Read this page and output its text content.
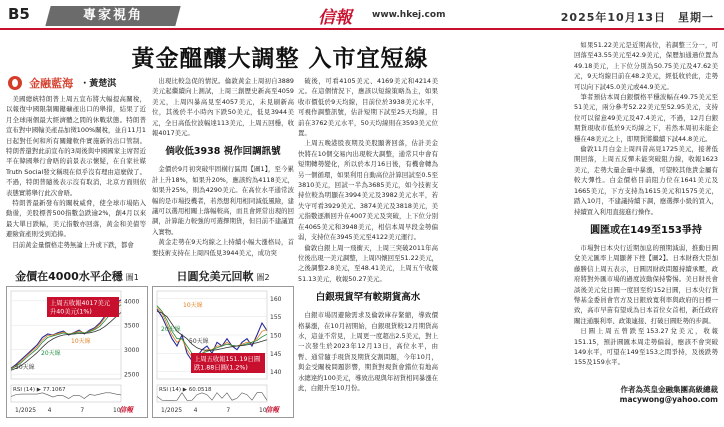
B5	專家視角	信報 www.hkej.com	2025年10月13日　星期一
黃金醞釀大調整 入市宜短線
金融藍海 ・黃楚淇

美國總統特朗普上周五宣布將大幅提高關稅，以報復中國限制關鍵礦產出口的舉措，結果了近月全球兩個最大經濟體之間的休戰狀態。特朗普宣布對中國輸美產品加徵100%關稅，並自11月1日起對任何和所有關鍵軟件實施新的出口管制。特朗普還對此前宣布的3周後與中國國家主席習近平在韓國舉行會晤的前景表示懷疑，在自家社媒Truth Social發文稱現在似乎沒有理由這麼做了。不過，特朗普隨後表示沒有取消，北京方面則依表態實將舉行此次會晤。

特朗普最新發布的關稅威脅，使全球市場陷入動盪，美股標普500指數急跌逾2%，創4月以來最大單日跌幅，美元指數亦回落，黃金和美債等避險資產則受到追捧。

目前黃金量價格走勢無論上升或下跌，都會

出現比較急促的情況。倫敦黃金上周初自3889美元起繼續向上測試，上周三創歷史新高至4059美元，上周四暴高見至4057美元，未見刷新高位，其後於半小時內下跌50美元，低見3944美元，全日高低位波幅達113美元，上周五回穩，收報4017美元。

倘收低3938 視作回調訊號

金價於9月初突破牢固橫行區間【圖1】，至今累計上升18%，如果升20%，應該約為4118美元，如果升25%，則為4290美元。在高位水平通常波幅的是市場投機者，若然想利用相同減低風險，建議可以選用相關上落幅較高，而且會經常出現的回調，計算能力較強的可選擇期貨，但目前不建議買入實物。

黃金走勢在9天均線之上持續小幅大漲格局，首要技術支持在上周四低見3944美元，成功突

破後，可看4105美元、4169美元和4214美元。在這個情況下，應該以短線策略為主，如果收市價低於9天均線，目前位於3938美元水平，可視作調整訊號，估計短期下試至25天均線，目前在3762美元水平，50天均線則在3593美元位置。

上周五晚港股夜期及美股顯著回落，估計美金快將在10個交易內出現較大調整，通常只中會有短期轉勢變化，所以於本月16日後，有機會轉為另一個循環，如果利用自動高位計算回試至0.5至3810美元，回試一半為3685美元，如今技術支持位較為明顯在3994美元及3982美元水平，若失守可看3929美元、3874美元及3818美元，美元指數逐漸回升在4007美元及突破，上下位分別在4065美元和3948美元，相信本周早段金勢偏弱，支持位在3945美元至4122美元運行。

倫敦白銀上周一飛衝天，上周三突破2011年高位後出現一美元調整，上周四懷回至51.22美元，之後調整2.8美元，至48.41美元，上周五午收報51.13美元，收報50.27美元。

白銀現貨罕有較期貨高水

白銀市場因避險需求及倫敦庫存緊縮，導致價格暴漲，在10月初開始，白銀現貨較12月期貨高水，這並不常見，上周更一度超出2.5美元，對上一次發生於2023年12月13日，高位水平，由暫、通常隨手現貨及期貨交割問題，今年10月，與金受關稅問題影響，期貨對現貨會錯位有地高水總達約100美元，導致出現與年初貨相同暴漲在此，白銀升至10月份。

如果51.22美元是近期高位，若調整三分一，可回落至43.55美元至42.9美元，保歷加通過位置為49.18美元，上下位分別為50.75美元及47.62美元，9天均線目前在48.2美元，經低收於此，走勢可以向下試45.0美元或44.9美元。

筆者預估本周白銀價格平穩波幅在49.75美元至51美元，兩分參考52.22美元至52.95美元，支持位可以留意49美元及47.4美元，不過，12月白銀期貨現收市低於9天均線之下，若然本周初未能企穩在48美元之上，即期貨將繼續下試44.8美元。

倫敦11月白金上周四昔高見1725美元，接著低開回落，上周五反彈未能突破阻力線，收報1623美元，走勢大量企量中暴漲，可望較其他貴金屬有較大彈性。白金價格目前阻力位在1641美元及1665美元，下方支持為1615美元和1575美元，踏入10月，不建議持續下調，應選擇小級的買入，持續買入利用直接進行操作。

圓匯或在149至153爭持

市場對日本央行近期加息的預期減弱，推動日圓兌美元匯率上周顯著下挫【圖2】。日本財務大臣加藤勝信上周五表示，日圓因財政問題持續承壓，政府將對外匯市場的過度波動保持警惕。美日財長會談後美元兌日圓一度回至約152日圓，日本央行貨幣基金委員會官方及日銀放寬利率與政府的日標一致，高市早苗有望成為日本首位女首相，新任政府關注通脹利率、政策連接、打破日圓貶勢的步調。

日圓上周五曾跌至153.27兌美元，收報151.15，預計圓匯本周走勢偏弱，應該不會突破149水平，可望在149至153之間爭持，及後跌勢155及159水平。

作者為英皇金融集團高級總裁
macywong@yahoo.com
金價在4000水平企穩 圖1
4000
3500
3000
2500
10天線
20天線
50天線
上周五收報4017美元
升40美元(1%)
RSI (14) ▶ 77.1067
1/2025 4	7	10
信報
日圓兌美元回軟 圖2
160
155
150
145
140
10天線
20天線
50天線
上周五收報151.19日圓
跌1.88日圓(1.2%)
RSI (14) ▶ 60.0518
1/2025 4	7	10
信報
